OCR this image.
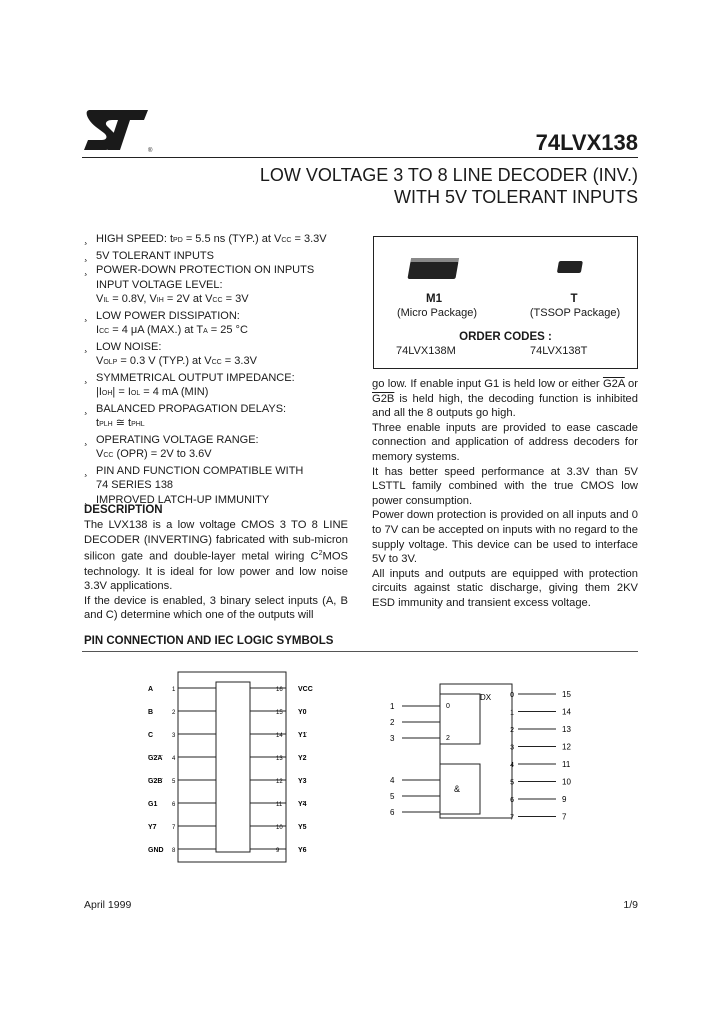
®	74LVX138
LOW VOLTAGE 3 TO 8 LINE DECODER (INV.)
WITH 5V TOLERANT INPUTS
¸ HIGH SPEED: tPD = 5.5 ns (TYP.) at VCC = 3.3V
¸ 5V TOLERANT INPUTS
¸ POWER-DOWN PROTECTION ON INPUTS
INPUT VOLTAGE LEVEL:
VIL = 0.8V, VIH = 2V at VCC = 3V
¸ LOW POWER DISSIPATION:
ICC = 4 μA (MAX.) at TA = 25 °C
¸ LOW NOISE:
VOLP = 0.3 V (TYP.) at VCC = 3.3V
¸ SYMMETRICAL OUTPUT IMPEDANCE:
|IOH| = IOL = 4 mA (MIN)
¸ BALANCED PROPAGATION DELAYS:
tPLH ≅ tPHL
¸ OPERATING VOLTAGE RANGE:
VCC (OPR) = 2V to 3.6V
¸ PIN AND FUNCTION COMPATIBLE WITH
74 SERIES 138
¸ IMPROVED LATCH-UP IMMUNITY
M1
(Micro Package)
T
(TSSOP Package)
ORDER CODES :
74LVX138M	74LVX138T
DESCRIPTION

The LVX138 is a low voltage CMOS 3 TO 8 LINE DECODER (INVERTING) fabricated with sub-micron silicon gate and double-layer metal wiring $C^2MOS$ technology. It is ideal for low power and low noise 3.3V applications.

If the device is enabled, 3 binary select inputs (A, B and C) determine which one of the outputs will

go low. If enable input G1 is held low or either G2A or G2B is held high, the decoding function is inhibited and all the 8 outputs go high.

Three enable inputs are provided to ease cascade connection and application of address decoders for memory systems.

It has better speed performance at 3.3V than 5V LSTTL family combined with the true CMOS low power consumption.

Power down protection is provided on all inputs and 0 to 7V can be accepted on inputs with no regard to the supply voltage. This device can be used to interface 5V to 3V.

All inputs and outputs are equipped with protection circuits against static discharge, giving them 2KV ESD immunity and transient excess voltage.

PIN CONNECTION AND IEC LOGIC SYMBOLS
A	1
B	2
C	3
G2A 4
G2B 5
G1 6
Y7	7
GND 8
VCC
16
Y0
15
Y1
14
Y2
13
Y3
12
Y4
11
Y5
10
Y6
9
DX
0
2
&
1
2
3
4
5
6
0	15
1	14
2	13
3	12
4	11
5	10
6	9
7	7
April 1999	1/9
